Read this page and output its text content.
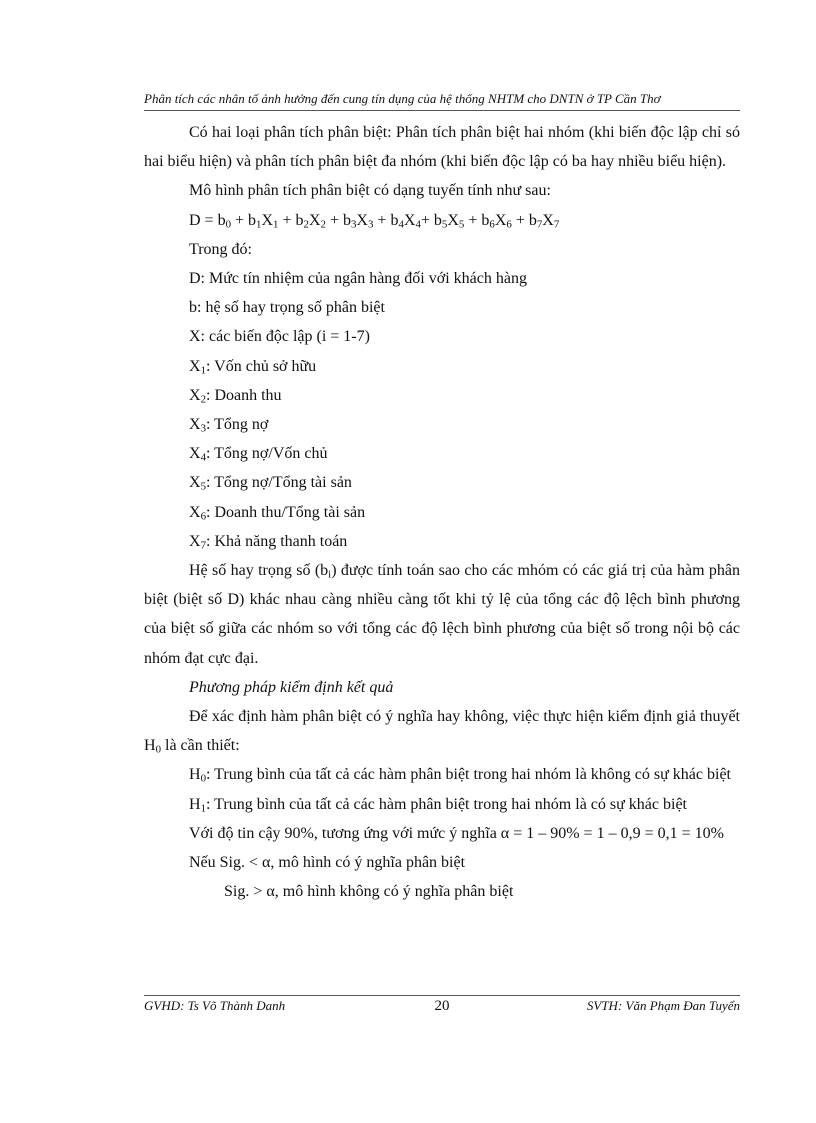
Phân tích các nhân tố ảnh hưởng đến cung tín dụng của hệ thống NHTM cho DNTN ở TP Cần Thơ

Có hai loại phân tích phân biệt: Phân tích phân biệt hai nhóm (khi biến độc lập chỉ só hai biểu hiện) và phân tích phân biệt đa nhóm (khi biến độc lập có ba hay nhiều biểu hiện).

Mô hình phân tích phân biệt có dạng tuyến tính như sau:

$D = b_0 + b_1X_1 + b_2X_2 + b_3X_3 + b_4X_4+ b_5X_5 + b_6X_6 + b_7X_7$

Trong đó:

D: Mức tín nhiệm của ngân hàng đối với khách hàng

b: hệ số hay trọng số phân biệt

X: các biến độc lập (i = 1-7)

$X_1$: Vốn chủ sở hữu

$X_2$: Doanh thu

$X_3$: Tổng nợ

$X_4$: Tổng nợ/Vốn chủ

$X_5$: Tổng nợ/Tổng tài sản

$X_6$: Doanh thu/Tổng tài sản

$X_7$: Khả năng thanh toán

Hệ số hay trọng số $(b_i)$ được tính toán sao cho các mhóm có các giá trị của hàm phân biệt (biệt số D) khác nhau càng nhiều càng tốt khi tỷ lệ của tổng các độ lệch bình phương của biệt số giữa các nhóm so với tổng các độ lệch bình phương của biệt số trong nội bộ các nhóm đạt cực đại.

Phương pháp kiểm định kết quả

Để xác định hàm phân biệt có ý nghĩa hay không, việc thực hiện kiểm định giả thuyết $H_0$ là cần thiết:

$H_0$: Trung bình của tất cả các hàm phân biệt trong hai nhóm là không có sự khác biệt

$H_1$: Trung bình của tất cả các hàm phân biệt trong hai nhóm là có sự khác biệt

Với độ tin cậy 90%, tương ứng với mức ý nghĩa α = 1 – 90% = 1 – 0,9 = 0,1 = 10%

Nếu Sig. < α, mô hình có ý nghĩa phân biệt

Sig. > α, mô hình không có ý nghĩa phân biệt

GVHD: Ts Võ Thành Danh	20	SVTH: Văn Phạm Đan Tuyển
